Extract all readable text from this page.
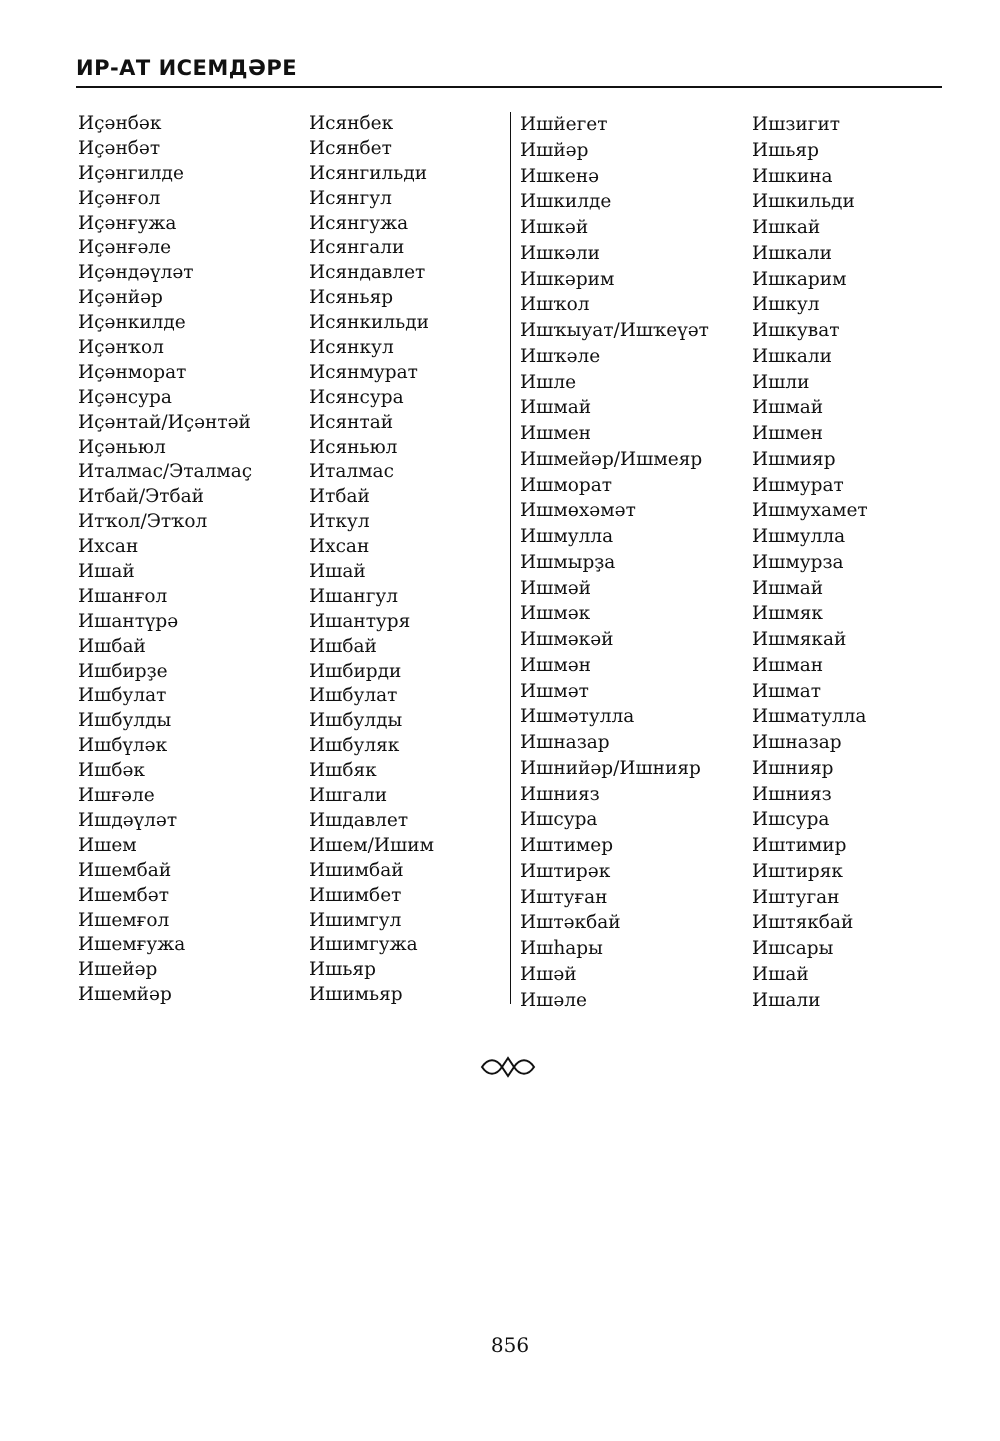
ИР-АТ ИСЕМДӘРЕ
Иҫәнбәк
Иҫәнбәт
Иҫәнгилде
Иҫәнғол
Иҫәнғужа
Иҫәнғәле
Иҫәндәүләт
Иҫәнйәр
Иҫәнкилде
Иҫәнҡол
Иҫәнморат
Иҫәнсура
Иҫәнтай/Иҫәнтәй
Иҫәньюл
Италмас/Эталмаҫ
Итбай/Этбай
Итҡол/Этҡол
Ихсан
Ишай
Ишанғол
Ишантүрә
Ишбай
Ишбирҙе
Ишбулат
Ишбулды
Ишбүләк
Ишбәк
Ишғәле
Ишдәүләт
Ишем
Ишембай
Ишембәт
Ишемғол
Ишемғужа
Ишейәр
Ишемйәр
Исянбек
Исянбет
Исянгильди
Исянгул
Исянгужа
Исянгали
Исяндавлет
Исяньяр
Исянкильди
Исянкул
Исянмурат
Исянсура
Исянтай
Исяньюл
Италмас
Итбай
Иткул
Ихсан
Ишай
Ишангул
Ишантуря
Ишбай
Ишбирди
Ишбулат
Ишбулды
Ишбуляк
Ишбяк
Ишгали
Ишдавлет
Ишем/Ишим
Ишимбай
Ишимбет
Ишимгул
Ишимгужа
Ишьяр
Ишимьяр
Ишйегет
Ишйәр
Ишкенә
Ишкилде
Ишкәй
Ишкәли
Ишкәрим
Ишҡол
Ишҡыуат/Ишҡеүәт
Ишҡәле
Ишле
Ишмай
Ишмен
Ишмейәр/Ишмеяр
Ишморат
Ишмөхәмәт
Ишмулла
Ишмырҙа
Ишмәй
Ишмәк
Ишмәкәй
Ишмән
Ишмәт
Ишмәтулла
Ишназар
Ишнийәр/Ишнияр
Ишнияз
Ишсура
Иштимер
Иштирәк
Иштуған
Иштәкбай
Ишһары
Ишәй
Ишәле
Ишзигит
Ишьяр
Ишкина
Ишкильди
Ишкай
Ишкали
Ишкарим
Ишкул
Ишкуват
Ишкали
Ишли
Ишмай
Ишмен
Ишмияр
Ишмурат
Ишмухамет
Ишмулла
Ишмурза
Ишмай
Ишмяк
Ишмякай
Ишман
Ишмат
Ишматулла
Ишназар
Ишнияр
Ишнияз
Ишсура
Иштимир
Иштиряк
Иштуган
Иштякбай
Ишсары
Ишай
Ишали
856
